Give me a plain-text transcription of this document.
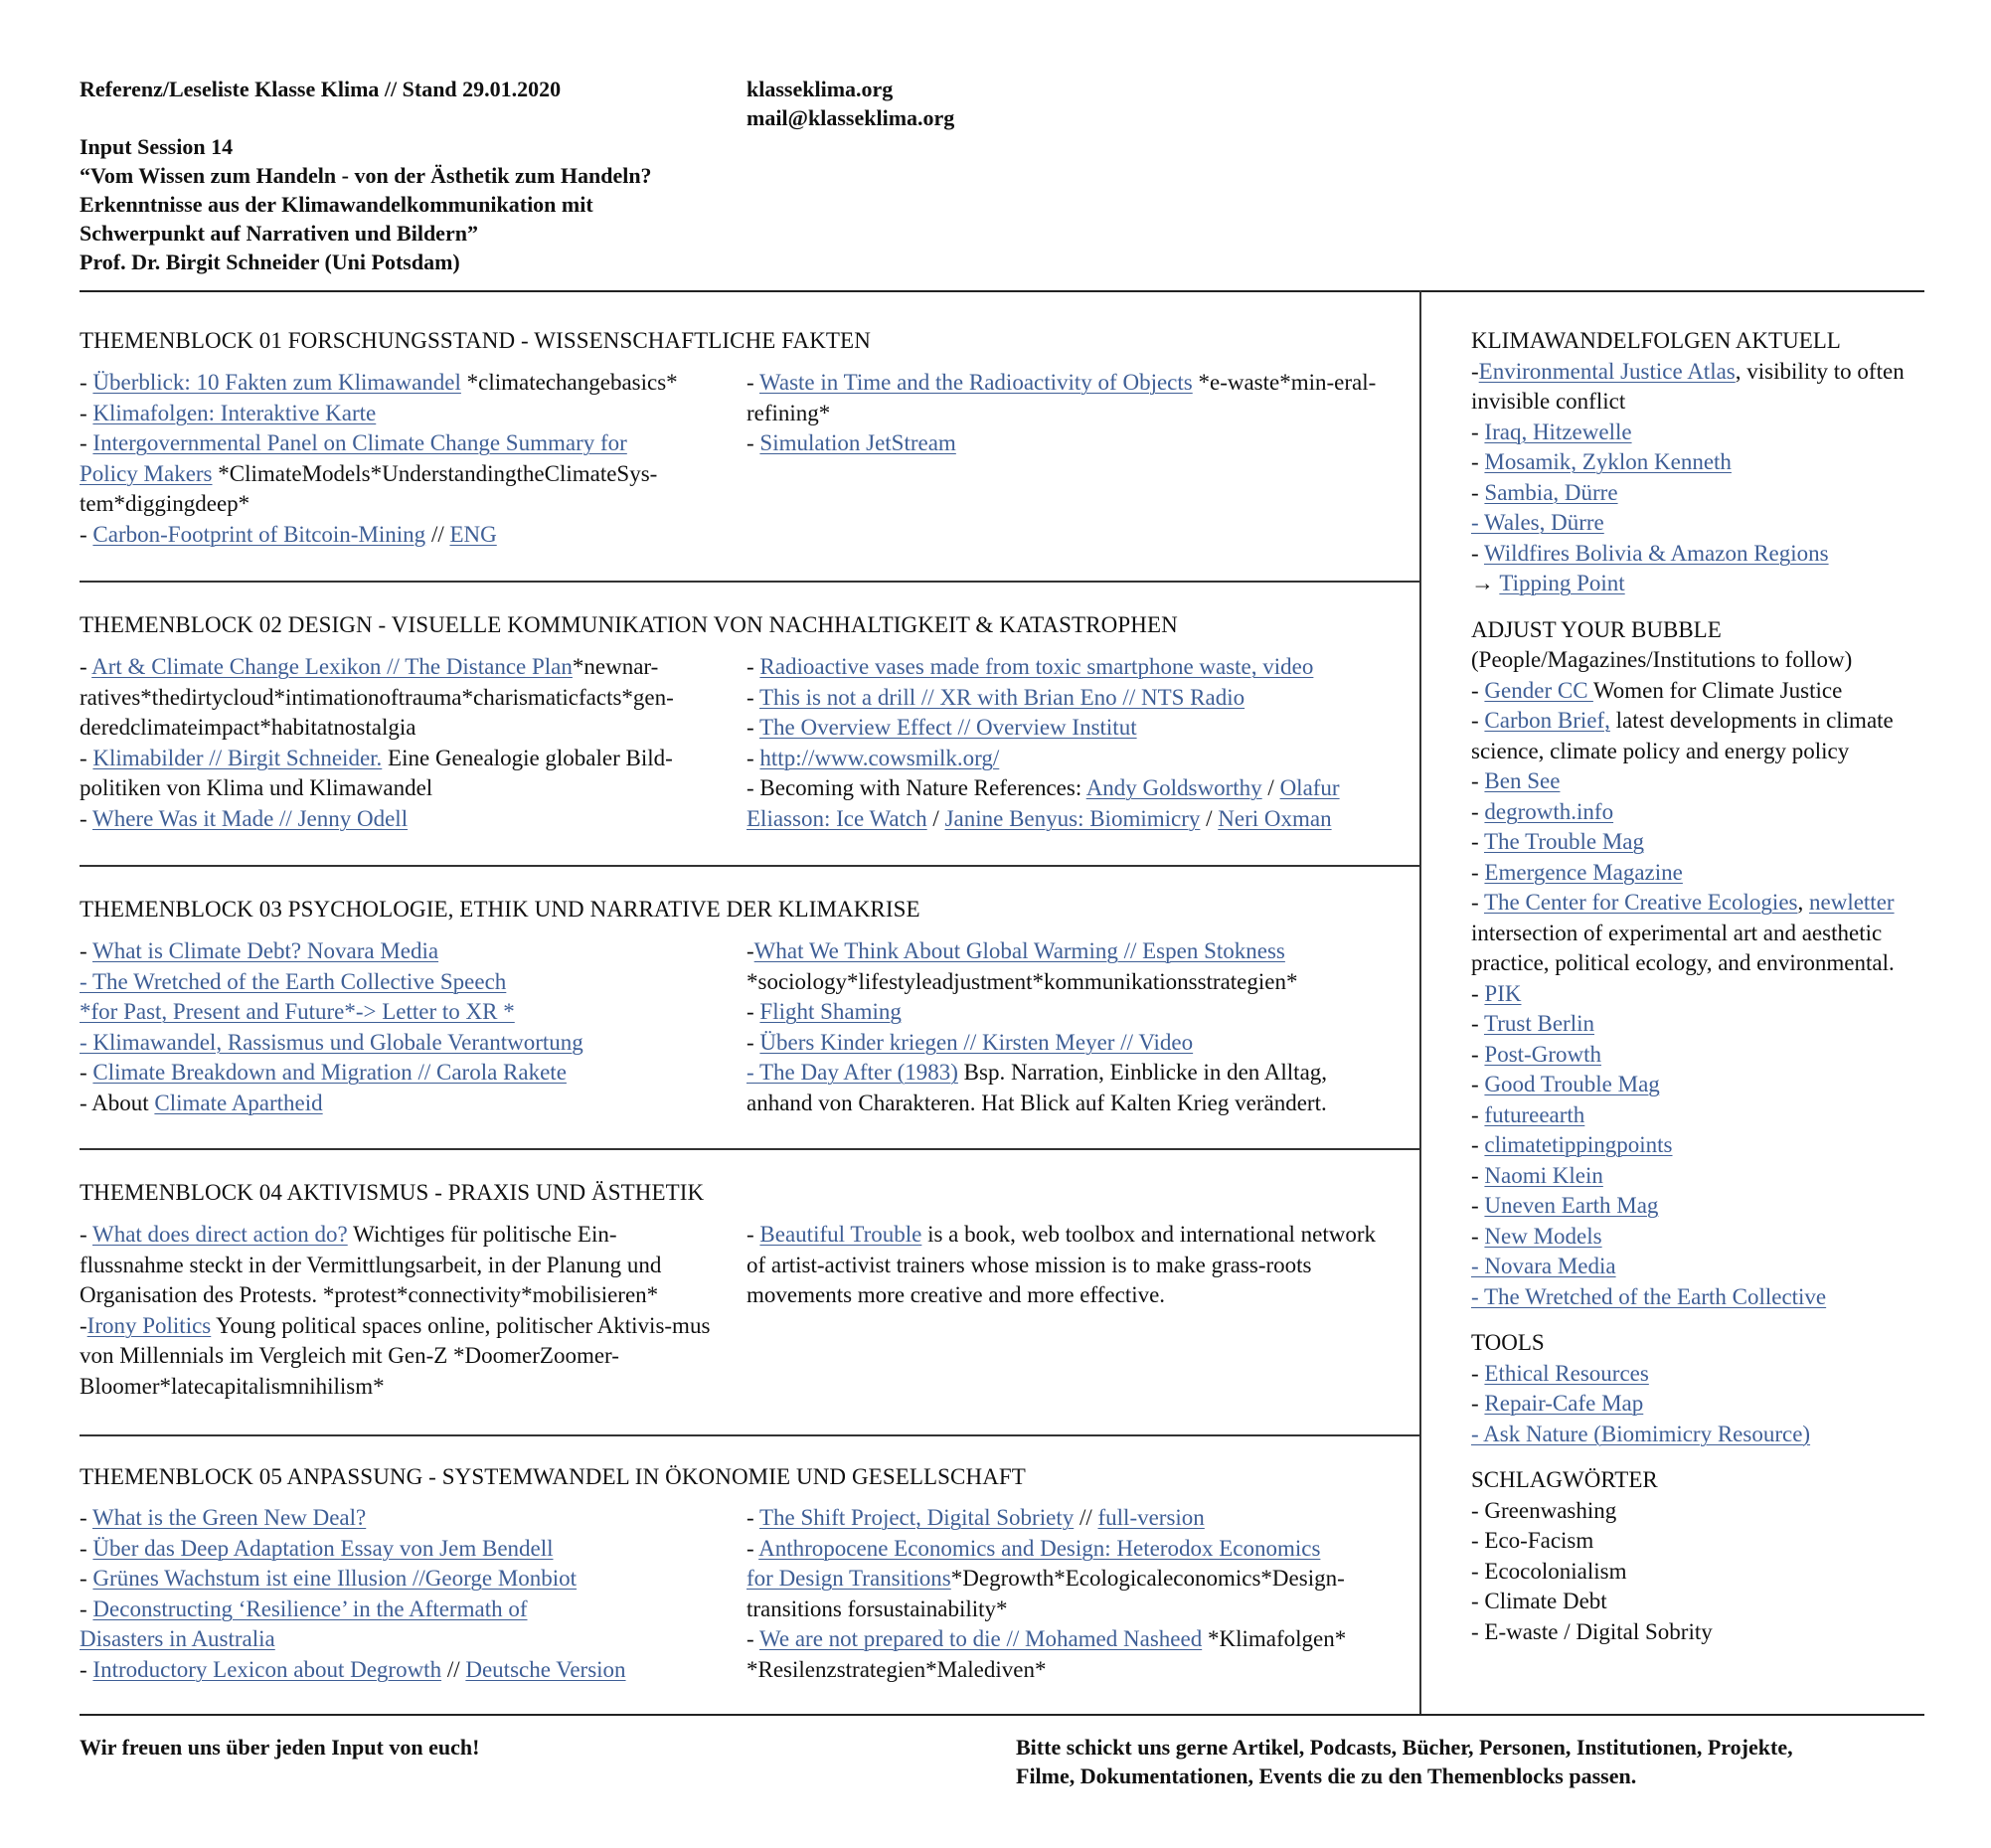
Referenz/Leseliste Klasse Klima // Stand 29.01.2020
Input Session 14
“Vom Wissen zum Handeln - von der Ästhetik zum Handeln?
Erkenntnisse aus der Klimawandelkommunikation mit
Schwerpunkt auf Narrativen und Bildern”
Prof. Dr. Birgit Schneider (Uni Potsdam)
klasseklima.org
mail@klasseklima.org
THEMENBLOCK 01 FORSCHUNGSSTAND - WISSENSCHAFTLICHE FAKTEN

- Überblick: 10 Fakten zum Klimawandel *climatechangebasics*

- Klimafolgen: Interaktive Karte

- Intergovernmental Panel on Climate Change Summary for
Policy Makers *ClimateModels*UnderstandingtheClimateSys-tem*diggingdeep*

- Carbon-Footprint of Bitcoin-Mining // ENG

- Waste in Time and the Radioactivity of Objects *e-waste*min-eral-refining*

- Simulation JetStream

THEMENBLOCK 02 DESIGN - VISUELLE KOMMUNIKATION VON NACHHALTIGKEIT & KATASTROPHEN

- Art & Climate Change Lexikon // The Distance Plan*newnar-ratives*thedirtycloud*intimationoftrauma*charismaticfacts*gen-deredclimateimpact*habitatnostalgia

- Klimabilder // Birgit Schneider. Eine Genealogie globaler Bild-politiken von Klima und Klimawandel

- Where Was it Made // Jenny Odell

- Radioactive vases made from toxic smartphone waste, video

- This is not a drill // XR with Brian Eno // NTS Radio

- The Overview Effect // Overview Institut

- http://www.cowsmilk.org/

- Becoming with Nature References: Andy Goldsworthy / Olafur Eliasson: Ice Watch / Janine Benyus: Biomimicry / Neri Oxman

THEMENBLOCK 03 PSYCHOLOGIE, ETHIK UND NARRATIVE DER KLIMAKRISE

- What is Climate Debt? Novara Media

- The Wretched of the Earth Collective Speech

*for Past, Present and Future*-> Letter to XR *

- Klimawandel, Rassismus und Globale Verantwortung

- Climate Breakdown and Migration // Carola Rakete

- About Climate Apartheid

-What We Think About Global Warming // Espen Stokness
*sociology*lifestyleadjustment*kommunikationsstrategien*

- Flight Shaming

- Übers Kinder kriegen // Kirsten Meyer // Video

- The Day After (1983) Bsp. Narration, Einblicke in den Alltag, anhand von Charakteren. Hat Blick auf Kalten Krieg verändert.

THEMENBLOCK 04 AKTIVISMUS - PRAXIS UND ÄSTHETIK

- What does direct action do? Wichtiges für politische Ein-flussnahme steckt in der Vermittlungsarbeit, in der Planung und Organisation des Protests. *protest*connectivity*mobilisieren*

-Irony Politics Young political spaces online, politischer Aktivis-mus von Millennials im Vergleich mit Gen-Z *DoomerZoomer-Bloomer*latecapitalismnihilism*

- Beautiful Trouble is a book, web toolbox and international network of artist-activist trainers whose mission is to make grass-roots movements more creative and more effective.

THEMENBLOCK 05 ANPASSUNG - SYSTEMWANDEL IN ÖKONOMIE UND GESELLSCHAFT

- What is the Green New Deal?

- Über das Deep Adaptation Essay von Jem Bendell

- Grünes Wachstum ist eine Illusion //George Monbiot

- Deconstructing ‘Resilience’ in the Aftermath of
Disasters in Australia

- Introductory Lexicon about Degrowth // Deutsche Version

- The Shift Project, Digital Sobriety // full-version

- Anthropocene Economics and Design: Heterodox Economics
for Design Transitions*Degrowth*Ecologicaleconomics*Design-transitions forsustainability*

- We are not prepared to die // Mohamed Nasheed *Klimafolgen* *Resilenzstrategien*Malediven*

KLIMAWANDELFOLGEN AKTUELL

-Environmental Justice Atlas, visibility to often invisible conflict

- Iraq, Hitzewelle

- Mosamik, Zyklon Kenneth

- Sambia, Dürre

- Wales, Dürre

- Wildfires Bolivia & Amazon Regions

→ Tipping Point

ADJUST YOUR BUBBLE

(People/Magazines/Institutions to follow)

- Gender CC Women for Climate Justice

- Carbon Brief, latest developments in climate science, climate policy and energy policy

- Ben See

- degrowth.info

- The Trouble Mag

- Emergence Magazine

- The Center for Creative Ecologies, newletter intersection of experimental art and aesthetic practice, political ecology, and environmental.

- PIK

- Trust Berlin

- Post-Growth

- Good Trouble Mag

- futureearth

- climatetippingpoints

- Naomi Klein

- Uneven Earth Mag

- New Models

- Novara Media

- The Wretched of the Earth Collective

TOOLS

- Ethical Resources

- Repair-Cafe Map

- Ask Nature (Biomimicry Resource)

SCHLAGWÖRTER

- Greenwashing

- Eco-Facism

- Ecocolonialism

- Climate Debt

- E-waste / Digital Sobrity

Wir freuen uns über jeden Input von euch!	Bitte schickt uns gerne Artikel, Podcasts, Bücher, Personen, Institutionen, Projekte,
Filme, Dokumentationen, Events die zu den Themenblocks passen.
